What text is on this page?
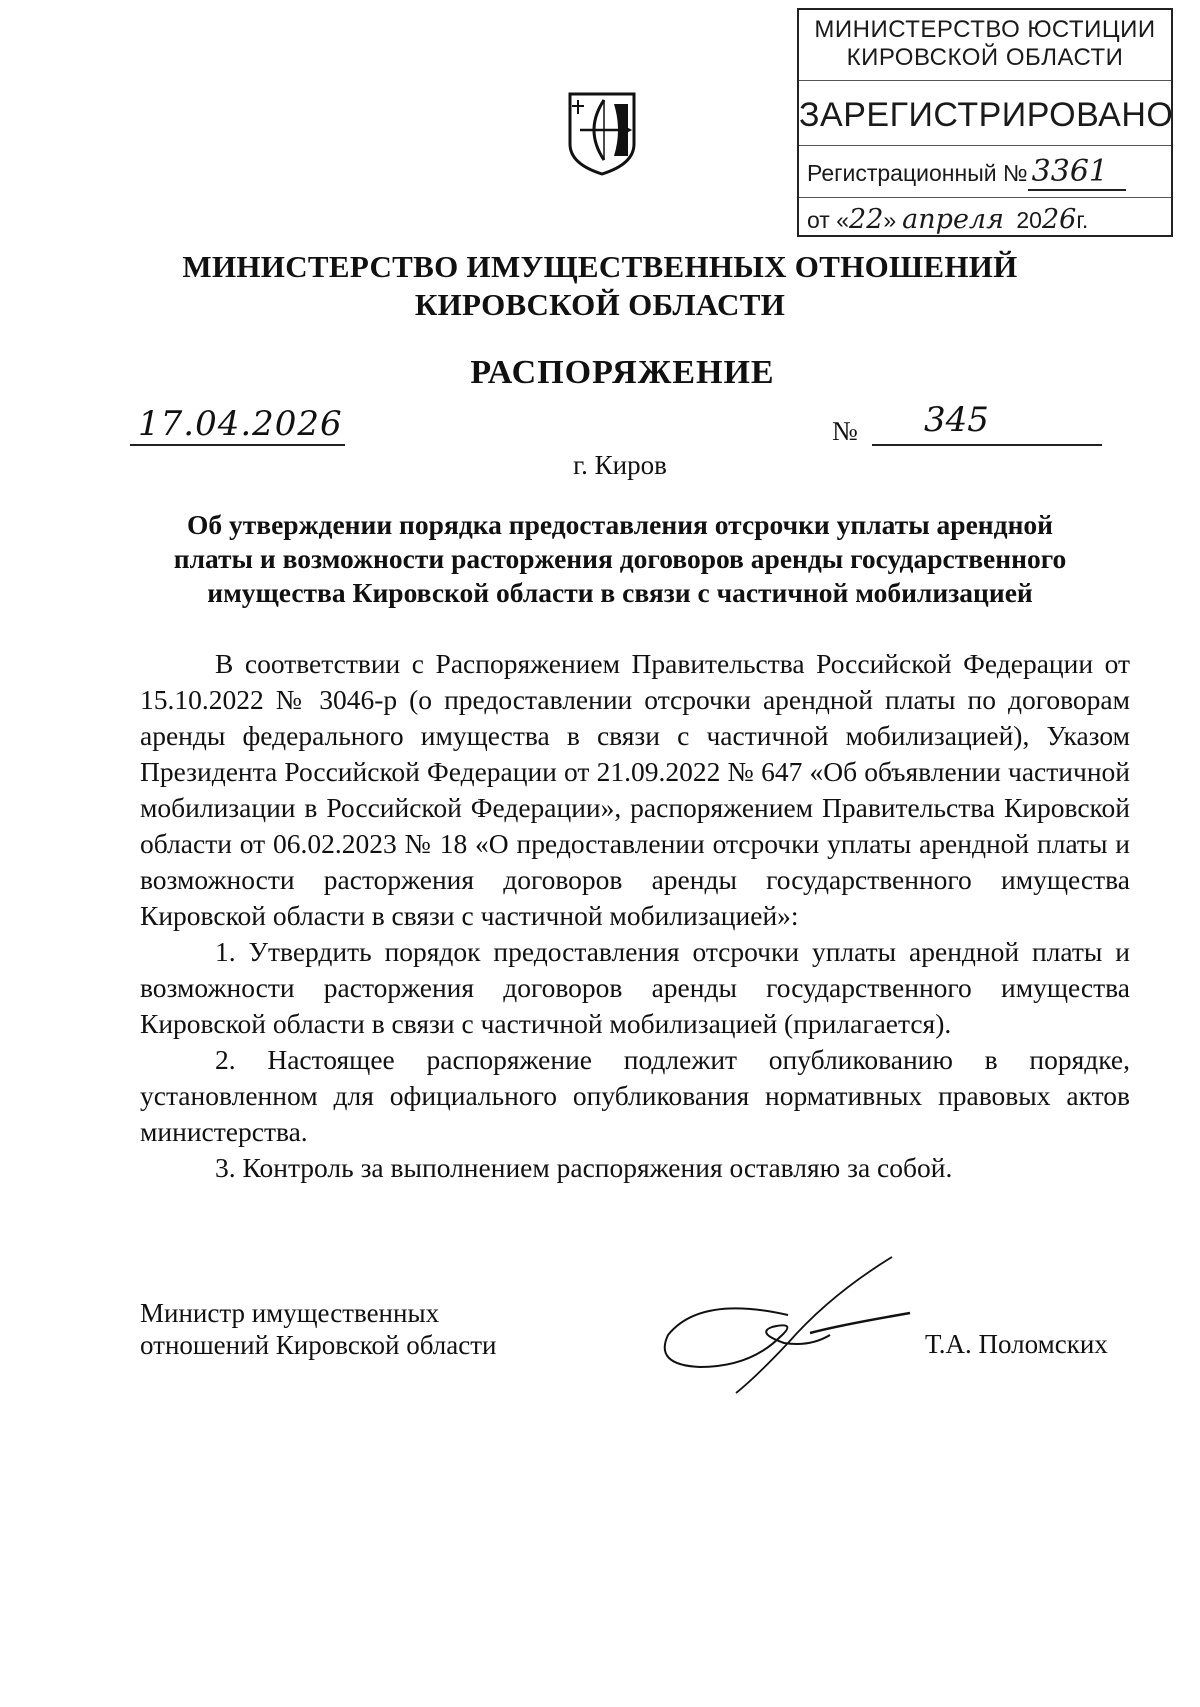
МИНИСТЕРСТВО ЮСТИЦИИ
КИРОВСКОЙ ОБЛАСТИ
ЗАРЕГИСТРИРОВАНО
Регистрационный № 3361
от «22» апреля 2026г.
МИНИСТЕРСТВО ИМУЩЕСТВЕННЫХ ОТНОШЕНИЙ
КИРОВСКОЙ ОБЛАСТИ
РАСПОРЯЖЕНИЕ
17.04.2026	№ 345
г. Киров
Об утверждении порядка предоставления отсрочки уплаты арендной
платы и возможности расторжения договоров аренды государственного
имущества Кировской области в связи с частичной мобилизацией

В соответствии с Распоряжением Правительства Российской Федерации от 15.10.2022 № 3046-р (о предоставлении отсрочки арендной платы по договорам аренды федерального имущества в связи с частичной мобилизацией), Указом Президента Российской Федерации от 21.09.2022 № 647 «Об объявлении частичной мобилизации в Российской Федерации», распоряжением Правительства Кировской области от 06.02.2023 № 18 «О предоставлении отсрочки уплаты арендной платы и возможности расторжения договоров аренды государственного имущества Кировской области в связи с частичной мобилизацией»:

1. Утвердить порядок предоставления отсрочки уплаты арендной платы и возможности расторжения договоров аренды государственного имущества Кировской области в связи с частичной мобилизацией (прилагается).

2. Настоящее распоряжение подлежит опубликованию в порядке, установленном для официального опубликования нормативных правовых актов министерства.

3. Контроль за выполнением распоряжения оставляю за собой.

Министр имущественных
отношений Кировской области	Т.А. Поломских
